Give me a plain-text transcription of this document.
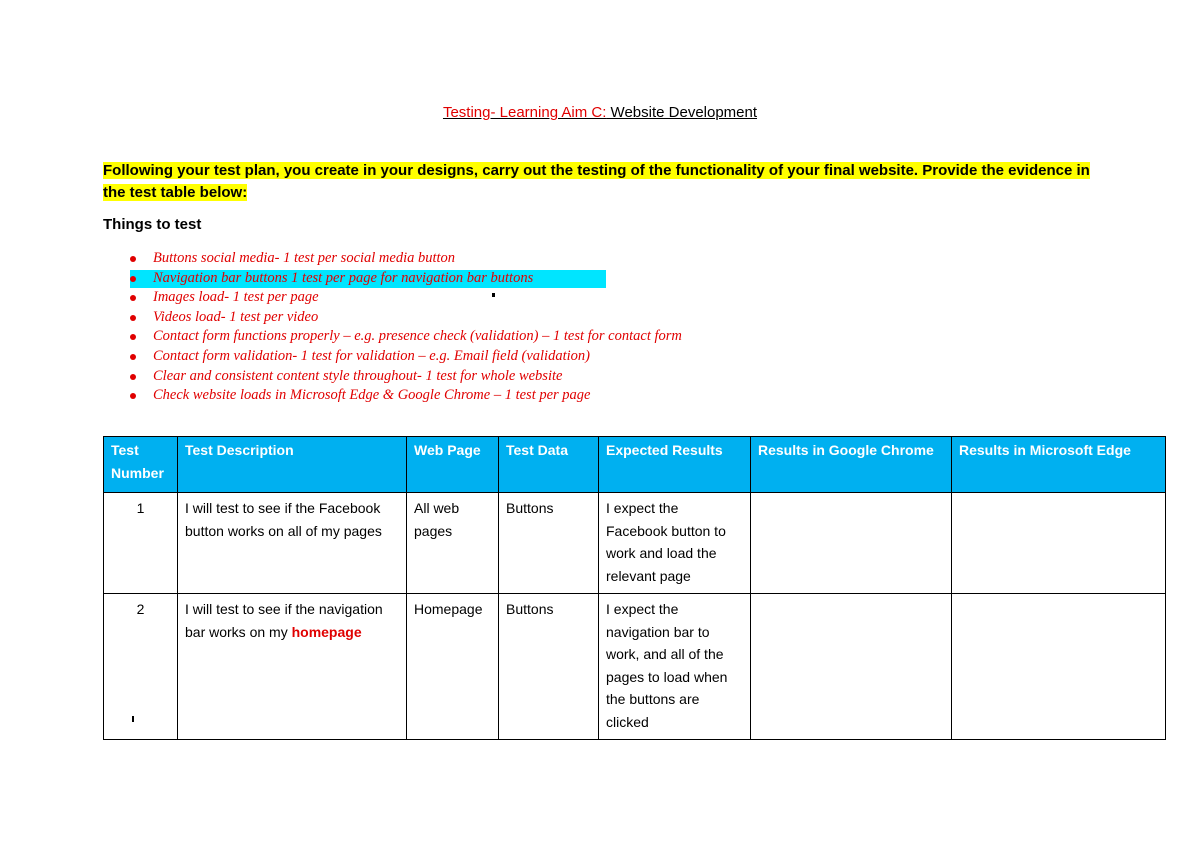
Testing- Learning Aim C: Website Development
Following your test plan, you create in your designs, carry out the testing of the functionality of your final website. Provide the evidence in the test table below:
Things to test
Buttons social media- 1 test per social media button
Navigation bar buttons 1 test per page for navigation bar buttons
Images load- 1 test per page
Videos load- 1 test per video
Contact form functions properly – e.g. presence check (validation) – 1 test for contact form
Contact form validation- 1 test for validation – e.g. Email field (validation)
Clear and consistent content style throughout- 1 test for whole website
Check website loads in Microsoft Edge & Google Chrome – 1 test per page
Test Number	Test Description	Web Page	Test Data	Expected Results	Results in Google Chrome	Results in Microsoft Edge
1	I will test to see if the Facebook button works on all of my pages	All web pages	Buttons	I expect the Facebook button to work and load the relevant page		
2	I will test to see if the navigation bar works on my homepage	Homepage	Buttons	I expect the navigation bar to work, and all of the pages to load when the buttons are clicked		
